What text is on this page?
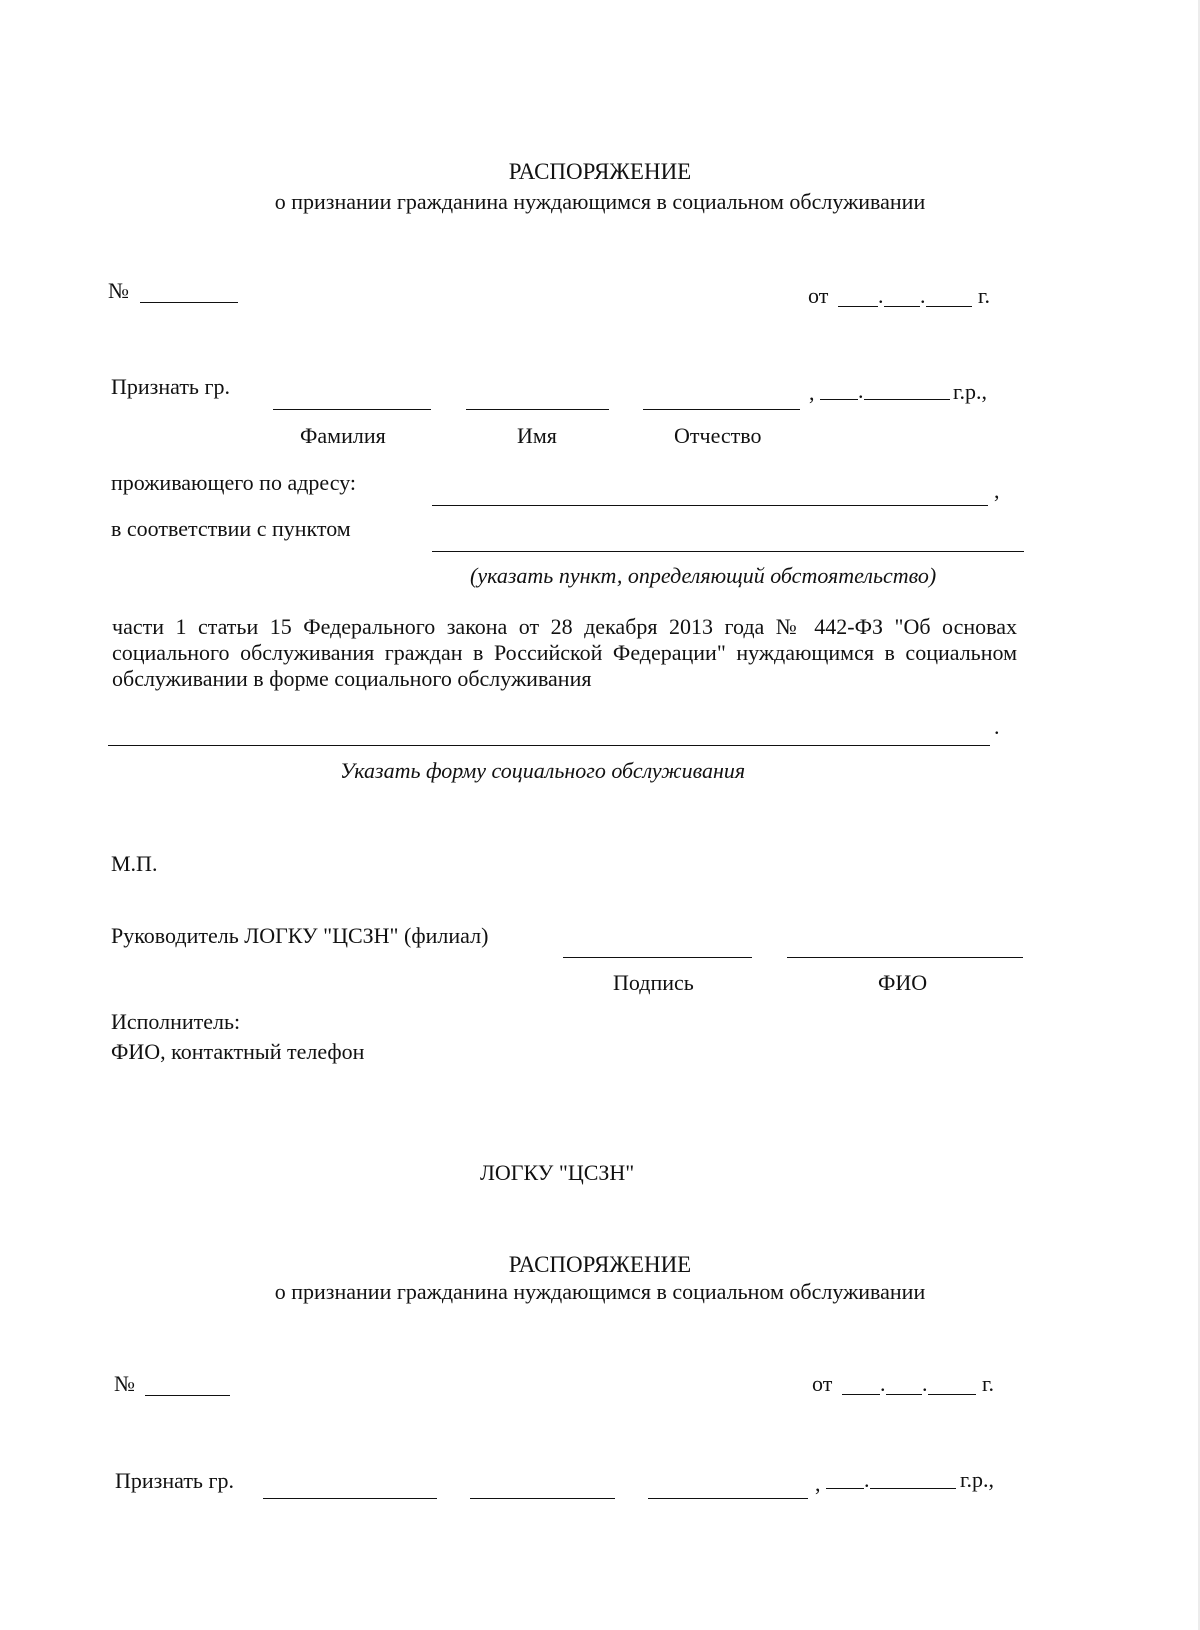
РАСПОРЯЖЕНИЕ
о признании гражданина нуждающимся в социальном обслуживании
№	от . . г.
Признать гр.	, .	г.р.,
Фамилия	Имя	Отчество
проживающего по адресу:	,
в соответствии с пунктом
(указать пункт, определяющий обстоятельство)
части 1 статьи 15 Федерального закона от 28 декабря 2013 года № 442-ФЗ "Об основах социального обслуживания граждан в Российской Федерации" нуждающимся в социальном обслуживании в форме социального обслуживания
.
Указать форму социального обслуживания
М.П.
Руководитель ЛОГКУ "ЦСЗН" (филиал)
Подпись	ФИО
Исполнитель:
ФИО, контактный телефон
ЛОГКУ "ЦСЗН"
РАСПОРЯЖЕНИЕ
о признании гражданина нуждающимся в социальном обслуживании
№	от . . г.
Признать гр.	, .	г.р.,
